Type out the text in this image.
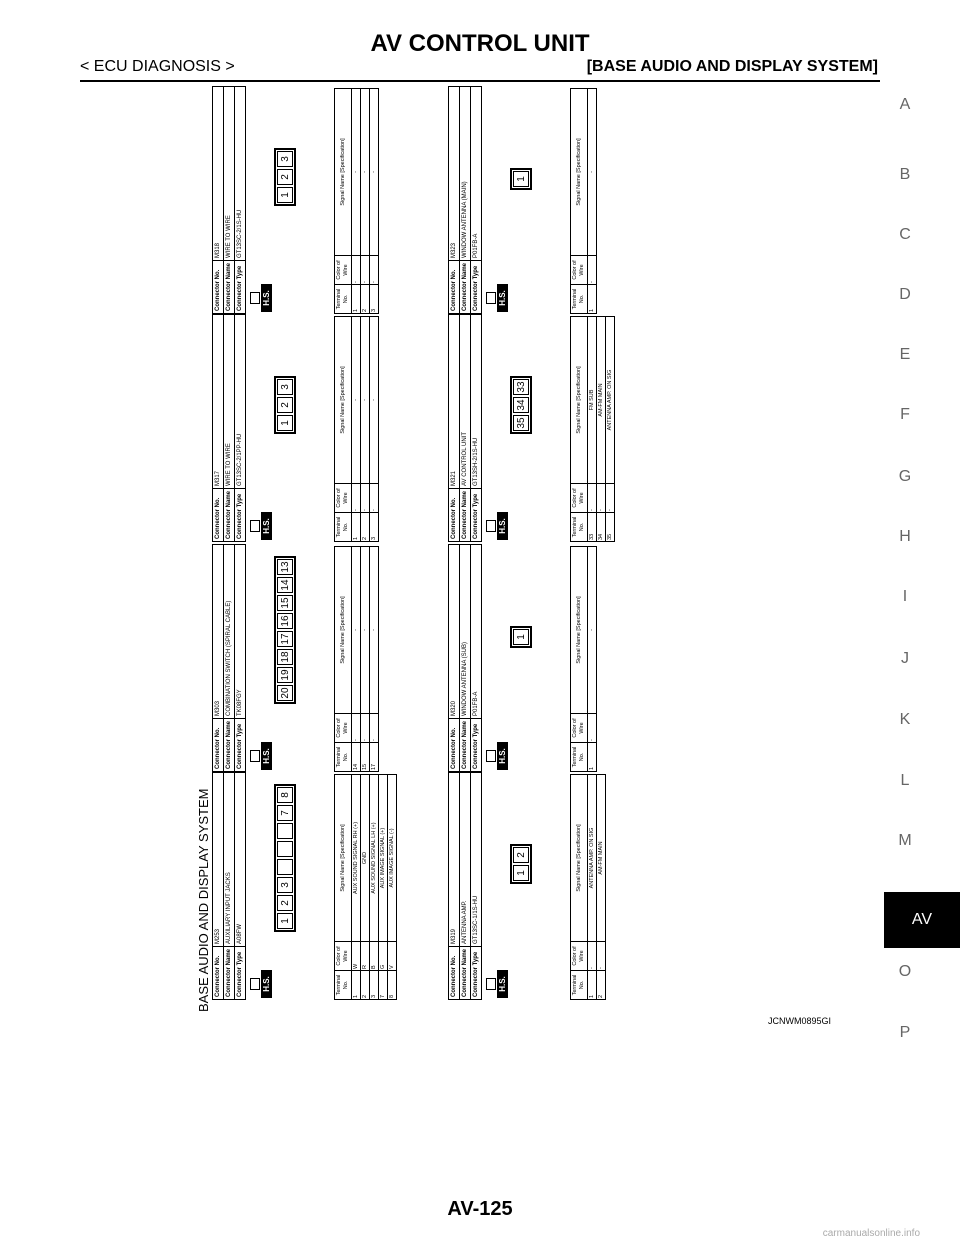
AV CONTROL UNIT
< ECU DIAGNOSIS >	[BASE AUDIO AND DISPLAY SYSTEM]
A
B
C
D
E
F
G
H
I
J
K
L
M
O
P
AV
BASE AUDIO AND DISPLAY SYSTEM Connector No.	M253
Connector Name	AUXILIARY INPUT JACKS
Connector Type	A08FW
H.S.
1
2
3
7
8
Terminal No.	Color of Wire	Signal Name [Specification]
1	W	AUX SOUND SIGNAL RH (+)
2	R	GND
3	B	AUX SOUND SIGNAL LH (+)
7	G	AUX IMAGE SIGNAL (+)
8	V	AUX IMAGE SIGNAL (-)
Connector No.	M303
Connector Name	COMBINATION SWITCH (SPIRAL CABLE)
Connector Type	TK08FGY
H.S.
20
19
18
17
16
15
14
13
Terminal No.	Color of Wire	Signal Name [Specification]
14	-	-
15	-	-
17	-	-
Connector No.	M317
Connector Name	WIRE TO WIRE
Connector Type	GT13SC-2/1PP-HU
H.S.
1
2
3
Terminal No.	Color of Wire	Signal Name [Specification]
1	-	-
2	-	-
3	-	-
Connector No.	M318
Connector Name	WIRE TO WIRE
Connector Type	GT13SC-2/1S-HU
H.S.
1
2
3
Terminal No.	Color of Wire	Signal Name [Specification]
1	-	-
2	-	-
3	-	-
Connector No.	M319
Connector Name	ANTENNA AMP.
Connector Type	GT13SC-1/1S-HU
H.S.
1
2
Terminal No.	Color of Wire	Signal Name [Specification]
1	-	ANTENNA AMP. ON SIG
2	-	AM-FM MAIN
Connector No.	M320
Connector Name	WINDOW ANTENNA (SUB)
Connector Type	P01FB-A
H.S.
1
Terminal No.	Color of Wire	Signal Name [Specification]
1	-	-
Connector No.	M321
Connector Name	AV CONTROL UNIT
Connector Type	GT13SH-2/1S-HU
H.S.
35
34
33
Terminal No.	Color of Wire	Signal Name [Specification]
33	-	FM SUB
34	-	AM-FM MAIN
35	-	ANTENNA AMP. ON SIG
Connector No.	M323
Connector Name	WINDOW ANTENNA (MAIN)
Connector Type	P01FB-A
H.S.
1
Terminal No.	Color of Wire	Signal Name [Specification]
1	-	-
JCNWM0895GI
AV-125
carmanualsonline.info
